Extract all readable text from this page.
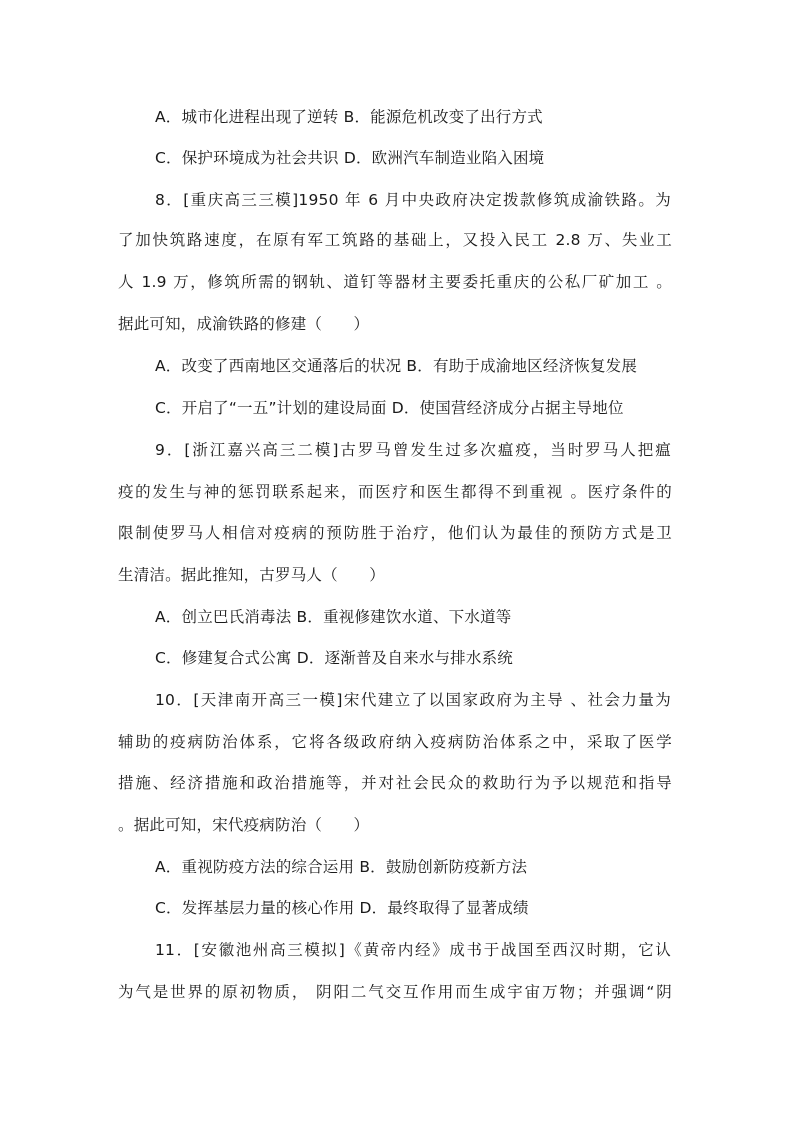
A．城市化进程出现了逆转 B．能源危机改变了出行方式
C．保护环境成为社会共识 D．欧洲汽车制造业陷入困境
8．[重庆高三三模]1950 年 6 月中央政府决定拨款修筑成渝铁路。为
了加快筑路速度，在原有军工筑路的基础上，又投入民工 2.8 万、失业工
人 1.9 万，修筑所需的钢轨、道钉等器材主要委托重庆的公私厂矿加工 。
据此可知，成渝铁路的修建（　　）
A．改变了西南地区交通落后的状况 B．有助于成渝地区经济恢复发展
C．开启了“一五”计划的建设局面 D．使国营经济成分占据主导地位
9．[浙江嘉兴高三二模]古罗马曾发生过多次瘟疫，当时罗马人把瘟
疫的发生与神的惩罚联系起来，而医疗和医生都得不到重视 。医疗条件的
限制使罗马人相信对疫病的预防胜于治疗，他们认为最佳的预防方式是卫
生清洁。据此推知，古罗马人（　　）
A．创立巴氏消毒法 B．重视修建饮水道、下水道等
C．修建复合式公寓 D．逐渐普及自来水与排水系统
10．[天津南开高三一模]宋代建立了以国家政府为主导 、社会力量为
辅助的疫病防治体系，它将各级政府纳入疫病防治体系之中，采取了医学
措施、经济措施和政治措施等，并对社会民众的救助行为予以规范和指导
。据此可知，宋代疫病防治（　　）
A．重视防疫方法的综合运用 B．鼓励创新防疫新方法
C．发挥基层力量的核心作用 D．最终取得了显著成绩
11．[安徽池州高三模拟]《黄帝内经》成书于战国至西汉时期，它认
为气是世界的原初物质， 阴阳二气交互作用而生成宇宙万物；并强调“阴
